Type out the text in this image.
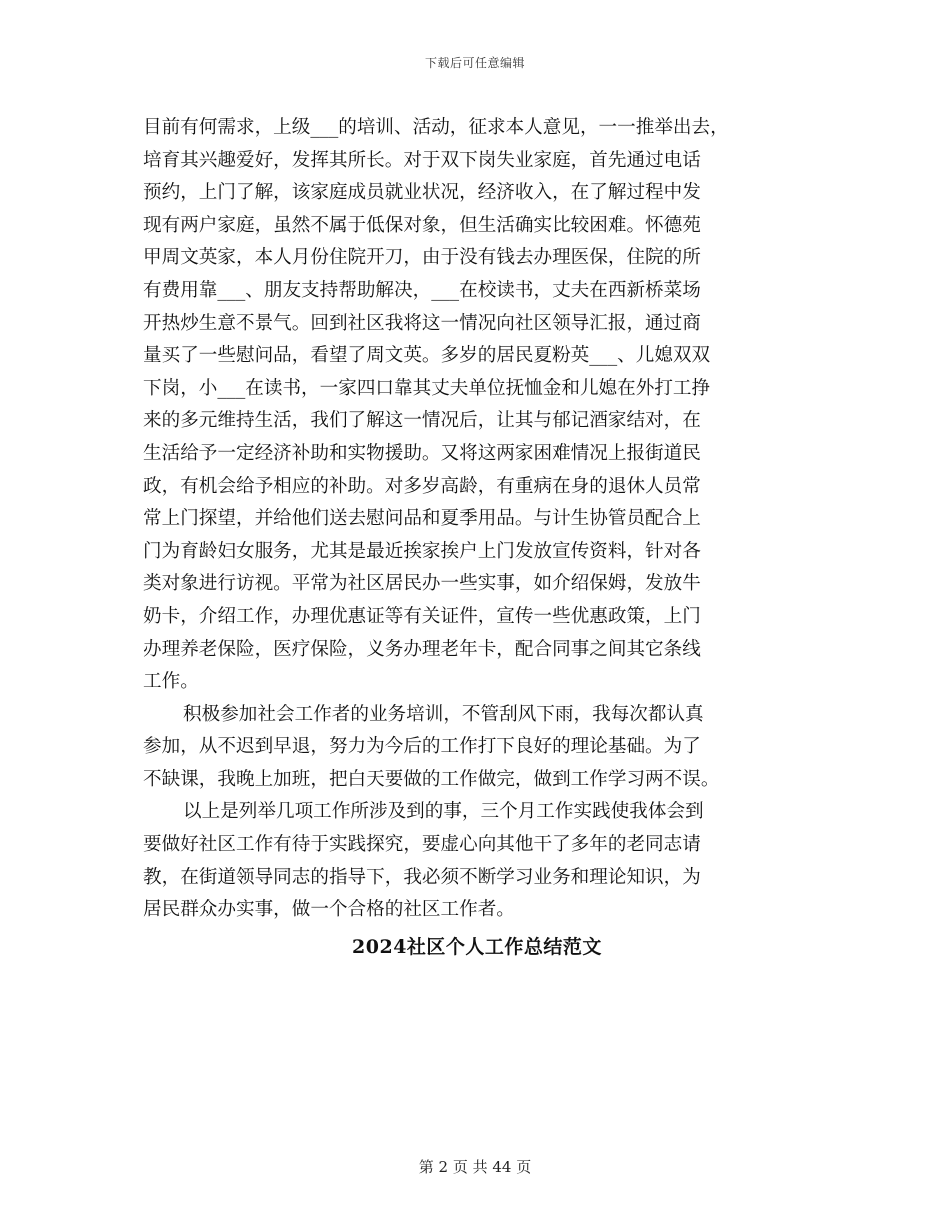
下载后可任意编辑
目前有何需求，上级___的培训、活动，征求本人意见，一一推举出去，
培育其兴趣爱好，发挥其所长。对于双下岗失业家庭，首先通过电话
预约，上门了解，该家庭成员就业状况，经济收入，在了解过程中发
现有两户家庭，虽然不属于低保对象，但生活确实比较困难。怀德苑
甲周文英家，本人月份住院开刀，由于没有钱去办理医保，住院的所
有费用靠___、朋友支持帮助解决，___在校读书，丈夫在西新桥菜场
开热炒生意不景气。回到社区我将这一情况向社区领导汇报，通过商
量买了一些慰问品，看望了周文英。多岁的居民夏粉英___、儿媳双双
下岗，小___在读书，一家四口靠其丈夫单位抚恤金和儿媳在外打工挣
来的多元维持生活，我们了解这一情况后，让其与郁记酒家结对，在
生活给予一定经济补助和实物援助。又将这两家困难情况上报街道民
政，有机会给予相应的补助。对多岁高龄，有重病在身的退休人员常
常上门探望，并给他们送去慰问品和夏季用品。与计生协管员配合上
门为育龄妇女服务，尤其是最近挨家挨户上门发放宣传资料，针对各
类对象进行访视。平常为社区居民办一些实事，如介绍保姆，发放牛
奶卡，介绍工作，办理优惠证等有关证件，宣传一些优惠政策，上门
办理养老保险，医疗保险，义务办理老年卡，配合同事之间其它条线
工作。
积极参加社会工作者的业务培训，不管刮风下雨，我每次都认真
参加，从不迟到早退，努力为今后的工作打下良好的理论基础。为了
不缺课，我晚上加班，把白天要做的工作做完，做到工作学习两不误。
以上是列举几项工作所涉及到的事，三个月工作实践使我体会到
要做好社区工作有待于实践探究，要虚心向其他干了多年的老同志请
教，在街道领导同志的指导下，我必须不断学习业务和理论知识，为
居民群众办实事，做一个合格的社区工作者。
2024社区个人工作总结范文
第 2 页 共 44 页
